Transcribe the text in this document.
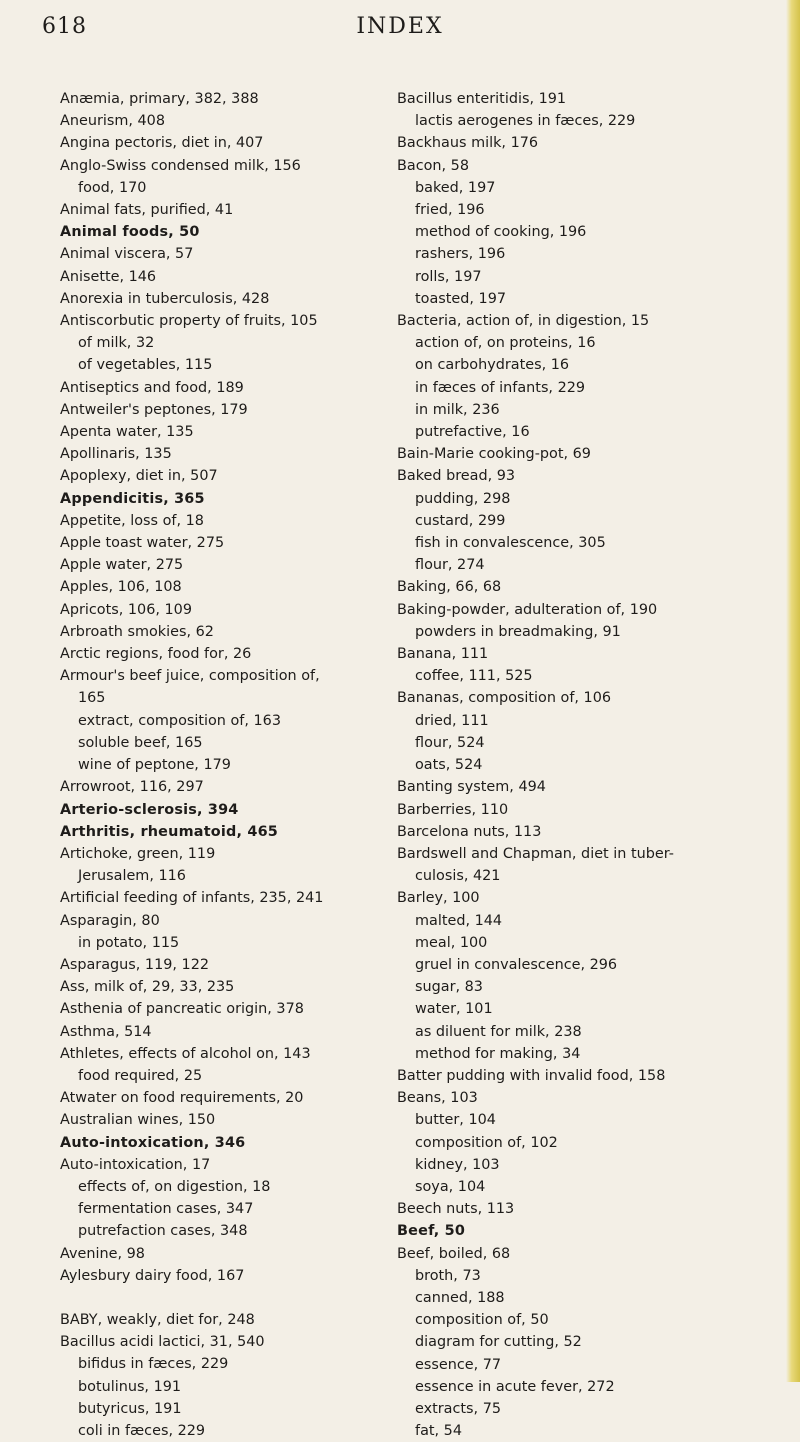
618	INDEX
Anæmia, primary, 382, 388
Aneurism, 408
Angina pectoris, diet in, 407
Anglo-Swiss condensed milk, 156
food, 170
Animal fats, purified, 41
Animal foods, 50
Animal viscera, 57
Anisette, 146
Anorexia in tuberculosis, 428
Antiscorbutic property of fruits, 105
of milk, 32
of vegetables, 115
Antiseptics and food, 189
Antweiler's peptones, 179
Apenta water, 135
Apollinaris, 135
Apoplexy, diet in, 507
Appendicitis, 365
Appetite, loss of, 18
Apple toast water, 275
Apple water, 275
Apples, 106, 108
Apricots, 106, 109
Arbroath smokies, 62
Arctic regions, food for, 26
Armour's beef juice, composition of,
165
extract, composition of, 163
soluble beef, 165
wine of peptone, 179
Arrowroot, 116, 297
Arterio-sclerosis, 394
Arthritis, rheumatoid, 465
Artichoke, green, 119
Jerusalem, 116
Artificial feeding of infants, 235, 241
Asparagin, 80
in potato, 115
Asparagus, 119, 122
Ass, milk of, 29, 33, 235
Asthenia of pancreatic origin, 378
Asthma, 514
Athletes, effects of alcohol on, 143
food required, 25
Atwater on food requirements, 20
Australian wines, 150
Auto-intoxication, 346
Auto-intoxication, 17
effects of, on digestion, 18
fermentation cases, 347
putrefaction cases, 348
Avenine, 98
Aylesbury dairy food, 167
BABY, weakly, diet for, 248
Bacillus acidi lactici, 31, 540
bifidus in fæces, 229
botulinus, 191
butyricus, 191
coli in fæces, 229
Bacillus enteritidis, 191
lactis aerogenes in fæces, 229
Backhaus milk, 176
Bacon, 58
baked, 197
fried, 196
method of cooking, 196
rashers, 196
rolls, 197
toasted, 197
Bacteria, action of, in digestion, 15
action of, on proteins, 16
on carbohydrates, 16
in fæces of infants, 229
in milk, 236
putrefactive, 16
Bain-Marie cooking-pot, 69
Baked bread, 93
pudding, 298
custard, 299
fish in convalescence, 305
flour, 274
Baking, 66, 68
Baking-powder, adulteration of, 190
powders in breadmaking, 91
Banana, 111
coffee, 111, 525
Bananas, composition of, 106
dried, 111
flour, 524
oats, 524
Banting system, 494
Barberries, 110
Barcelona nuts, 113
Bardswell and Chapman, diet in tuber-
culosis, 421
Barley, 100
malted, 144
meal, 100
gruel in convalescence, 296
sugar, 83
water, 101
as diluent for milk, 238
method for making, 34
Batter pudding with invalid food, 158
Beans, 103
butter, 104
composition of, 102
kidney, 103
soya, 104
Beech nuts, 113
Beef, 50
Beef, boiled, 68
broth, 73
canned, 188
composition of, 50
diagram for cutting, 52
essence, 77
essence in acute fever, 272
extracts, 75
fat, 54
